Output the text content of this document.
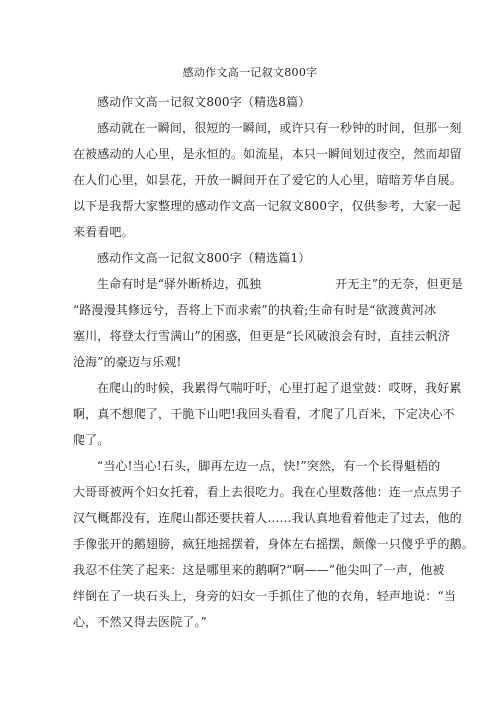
感动作文高一记叙文800字
感动作文高一记叙文800字（精选8篇）
感动就在一瞬间，很短的一瞬间，或许只有一秒钟的时间，但那一刻
在被感动的人心里，是永恒的。如流星，本只一瞬间划过夜空，然而却留
在人们心里，如昙花，开放一瞬间开在了爱它的人心里，暗暗芳华自展。
以下是我帮大家整理的感动作文高一记叙文800字，仅供参考，大家一起
来看看吧。
感动作文高一记叙文800字（精选篇1）
生命有时是“驿外断桥边，孤独	开无主”的无奈，但更是
“路漫漫其修远兮，吾将上下而求索”的执着;生命有时是“欲渡黄河冰
塞川，将登太行雪满山”的困惑，但更是“长风破浪会有时，直挂云帆济
沧海”的豪迈与乐观!
在爬山的时候，我累得气喘吁吁，心里打起了退堂鼓：哎呀，我好累
啊，真不想爬了，干脆下山吧!我回头看看，才爬了几百米，下定决心不
爬了。
“当心!当心!石头，脚再左边一点，快!”突然，有一个长得魁梧的
大哥哥被两个妇女托着，看上去很吃力。我在心里数落他：连一点点男子
汉气概都没有，连爬山都还要扶着人……我认真地看着他走了过去，他的
手像张开的鹅翅膀，疯狂地摇摆着，身体左右摇摆，颇像一只傻乎乎的鹅。
我忍不住笑了起来：这是哪里来的鹅啊?“啊——”他尖叫了一声，他被
绊倒在了一块石头上，身旁的妇女一手抓住了他的衣角，轻声地说：“当
心，不然又得去医院了。”
